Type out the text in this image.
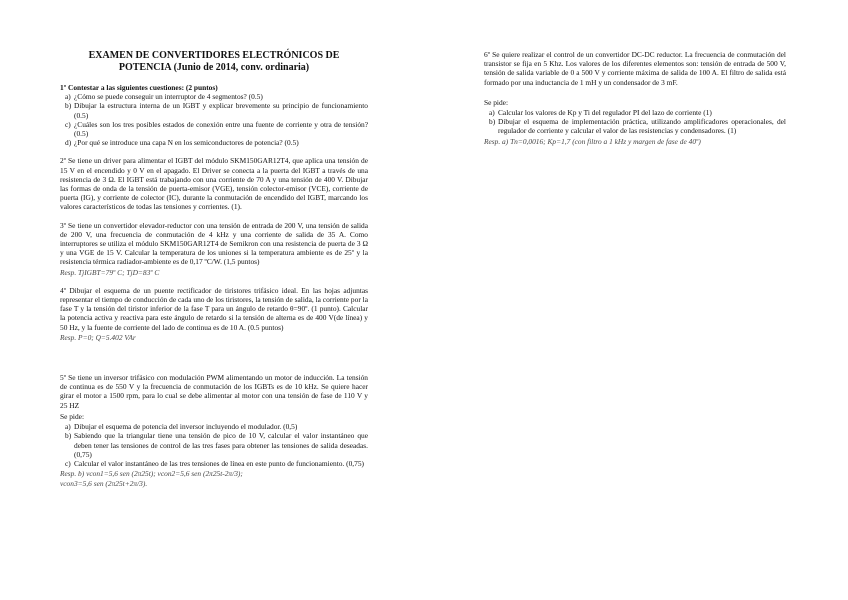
EXAMEN DE CONVERTIDORES ELECTRÓNICOS DE
POTENCIA (Junio de 2014, conv. ordinaria)
1º Contestar a las siguientes cuestiones: (2 puntos)
a) ¿Cómo se puede conseguir un interruptor de 4 segmentos? (0.5)
b) Dibujar la estructura interna de un IGBT y explicar brevemente su principio de funcionamiento (0.5)
c) ¿Cuáles son los tres posibles estados de conexión entre una fuente de corriente y otra de tensión? (0.5)
d) ¿Por qué se introduce una capa N en los semiconductores de potencia? (0.5)
2º Se tiene un driver para alimentar el IGBT del módulo SKM150GAR12T4, que aplica una tensión de 15 V en el encendido y 0 V en el apagado. El Driver se conecta a la puerta del IGBT a través de una resistencia de 3 Ω. El IGBT está trabajando con una corriente de 70 A y una tensión de 400 V. Dibujar las formas de onda de la tensión de puerta-emisor (VGE), tensión colector-emisor (VCE), corriente de puerta (IG), y corriente de colector (IC), durante la conmutación de encendido del IGBT, marcando los valores característicos de todas las tensiones y corrientes. (1).
3º Se tiene un convertidor elevador-reductor con una tensión de entrada de 200 V, una tensión de salida de 200 V, una frecuencia de conmutación de 4 kHz y una corriente de salida de 35 A. Como interruptores se utiliza el módulo SKM150GAR12T4 de Semikron con una resistencia de puerta de 3 Ω y una VGE de 15 V. Calcular la temperatura de los uniones si la temperatura ambiente es de 25º y la resistencia térmica radiador-ambiente es de 0,17 ºC/W. (1,5 puntos)
Resp. TjIGBT=79º C; TjD=83º C
4º Dibujar el esquema de un puente rectificador de tiristores trifásico ideal. En las hojas adjuntas representar el tiempo de conducción de cada uno de los tiristores, la tensión de salida, la corriente por la fase T y la tensión del tiristor inferior de la fase T para un ángulo de retardo θ=90º. (1 punto). Calcular la potencia activa y reactiva para este ángulo de retardo si la tensión de alterna es de 400 V(de línea) y 50 Hz, y la fuente de corriente del lado de continua es de 10 A. (0.5 puntos)
Resp. P=0; Q=5.402 VAr
5º Se tiene un inversor trifásico con modulación PWM alimentando un motor de inducción. La tensión de continua es de 550 V y la frecuencia de conmutación de los IGBTs es de 10 kHz. Se quiere hacer girar el motor a 1500 rpm, para lo cual se debe alimentar al motor con una tensión de fase de 110 V y 25 HZ
Se pide:
a) Dibujar el esquema de potencia del inversor incluyendo el modulador. (0,5)
b) Sabiendo que la triangular tiene una tensión de pico de 10 V, calcular el valor instantáneo que deben tener las tensiones de control de las tres fases para obtener las tensiones de salida deseadas. (0,75)
c) Calcular el valor instantáneo de las tres tensiones de línea en este punto de funcionamiento. (0,75)
Resp. b) vcon1=5,6 sen (2π25t); vcon2=5,6 sen (2π25t-2π/3);
vcon3=5,6 sen (2π25t+2π/3).
6º Se quiere realizar el control de un convertidor DC-DC reductor. La frecuencia de conmutación del transistor se fija en 5 Khz. Los valores de los diferentes elementos son: tensión de entrada de 500 V, tensión de salida variable de 0 a 500 V y corriente máxima de salida de 100 A. El filtro de salida está formado por una inductancia de 1 mH y un condensador de 3 mF.
Se pide:
a) Calcular los valores de Kp y Ti del regulador PI del lazo de corriente (1)
b) Dibujar el esquema de implementación práctica, utilizando amplificadores operacionales, del regulador de corriente y calcular el valor de las resistencias y condensadores. (1)
Resp. a) Tn=0,0016; Kp=1,7 (con filtro a 1 kHz y margen de fase de 40º)
